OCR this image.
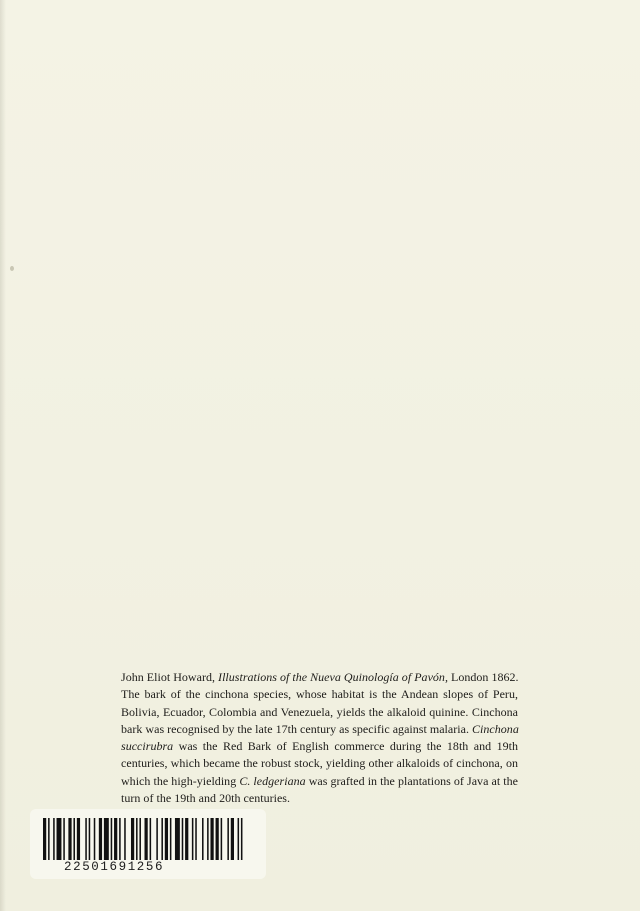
John Eliot Howard, Illustrations of the Nueva Quinología of Pavón, London 1862.
The bark of the cinchona species, whose habitat is the Andean slopes of Peru,
Bolivia, Ecuador, Colombia and Venezuela, yields the alkaloid quinine. Cinchona
bark was recognised by the late 17th century as specific against malaria. Cinchona
succirubra was the Red Bark of English commerce during the 18th and 19th
centuries, which became the robust stock, yielding other alkaloids of cinchona, on
which the high-yielding C. ledgeriana was grafted in the plantations of Java at the
turn of the 19th and 20th centuries.
22501691256
